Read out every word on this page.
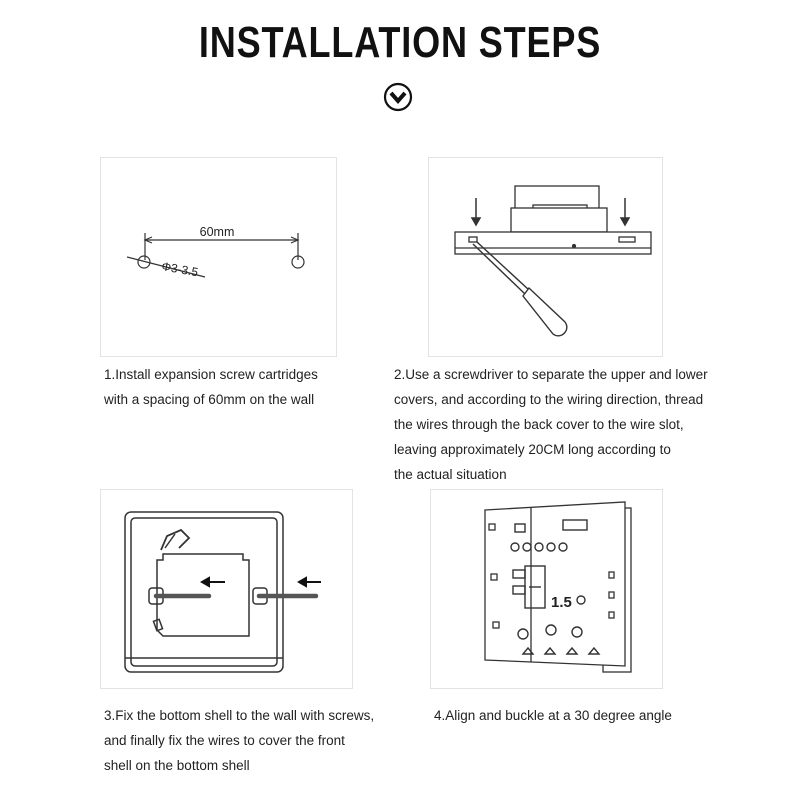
INSTALLATION STEPS
60mm
Φ3-3.5
1.Install expansion screw cartridges
with a spacing of 60mm on the wall
2.Use a screwdriver to separate the upper and lower
covers, and according to the wiring direction, thread
the wires through the back cover to the wire slot,
leaving approximately 20CM long according to
the actual situation
1.5
3.Fix the bottom shell to the wall with screws,
and finally fix the wires to cover the front
shell on the bottom shell
4.Align and buckle at a 30 degree angle
